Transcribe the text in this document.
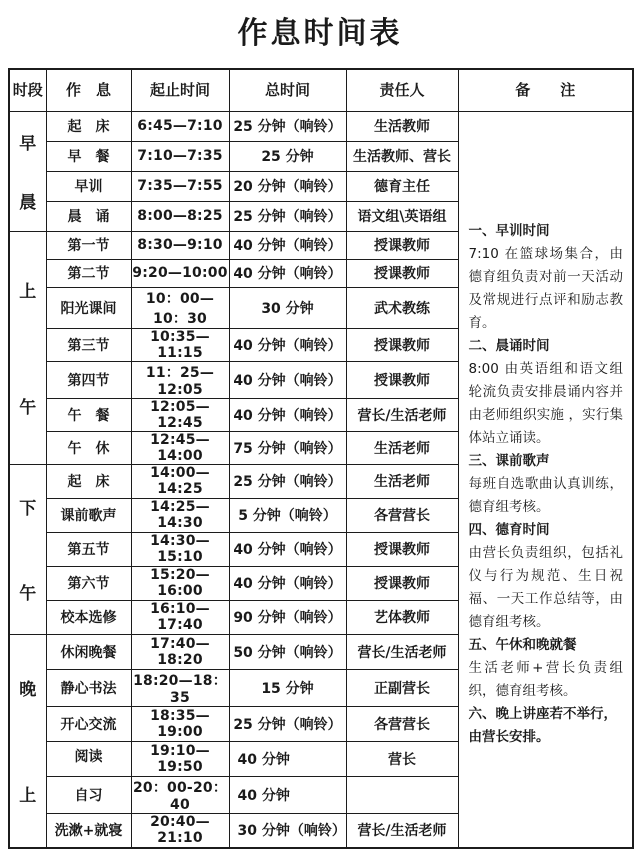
作息时间表
时段	作　息	起止时间	总时间	责任人	备　　注

早
晨
	起　床	6:45—7:10	25 分钟（响铃）	生活教师	
一、早训时间
7:10 在篮球场集合，由德育组负责对前一天活动及常规进行点评和励志教育。
二、晨诵时间
8:00 由英语组和语文组轮流负责安排晨诵内容并由老师组织实施 ，实行集体站立诵读。
三、课前歌声
每班自选歌曲认真训练，德育组考核。
四、德育时间
由营长负责组织，包括礼仪与行为规范、生日祝福、一天工作总结等，由德育组考核。
五、午休和晚就餐
生活老师+营长负责组织，德育组考核。
六、晚上讲座若不举行，由营长安排。

	早　餐	7:10—7:35	25 分钟	生活教师、营长	
	早训	7:35—7:55	20 分钟（响铃）	德育主任	
	晨　诵	8:00—8:25	25 分钟（响铃）	语文组\英语组	

上
午	第一节	8:30—9:10	40 分钟（响铃）	授课教师	
	第二节	9:20—10:00	40 分钟（响铃）	授课教师	
	阳光课间	10：00—10：30	30 分钟	武术教练	
	第三节	10:35—11:15	40 分钟（响铃）	授课教师	
	第四节	11：25—12:05	40 分钟（响铃）	授课教师	
	午　餐	12:05—12:45	40 分钟（响铃）	营长/生活老师	
	午　休	12:45—14:00	75 分钟（响铃）	生活老师	

下
午	起　床	14:00—14:25	25 分钟（响铃）	生活老师	
	课前歌声	14:25—14:30	5 分钟（响铃）	各营营长	
	第五节	14:30—15:10	40 分钟（响铃）	授课教师	
	第六节	15:20—16:00	40 分钟（响铃）	授课教师	
	校本选修	16:10—17:40	90 分钟（响铃）	艺体教师	

晚
上	休闲晚餐	17:40—18:20	50 分钟（响铃）	营长/生活老师	
	静心书法	18:20—18：35	15 分钟	正副营长	
	开心交流	18:35—19:00	25 分钟（响铃）	各营营长	
	阅读	19:10—19:50	40 分钟	营长	
	自习	20：00-20：40	40 分钟		
	洗漱+就寝	20:40—21:10	30 分钟（响铃）	营长/生活老师	
